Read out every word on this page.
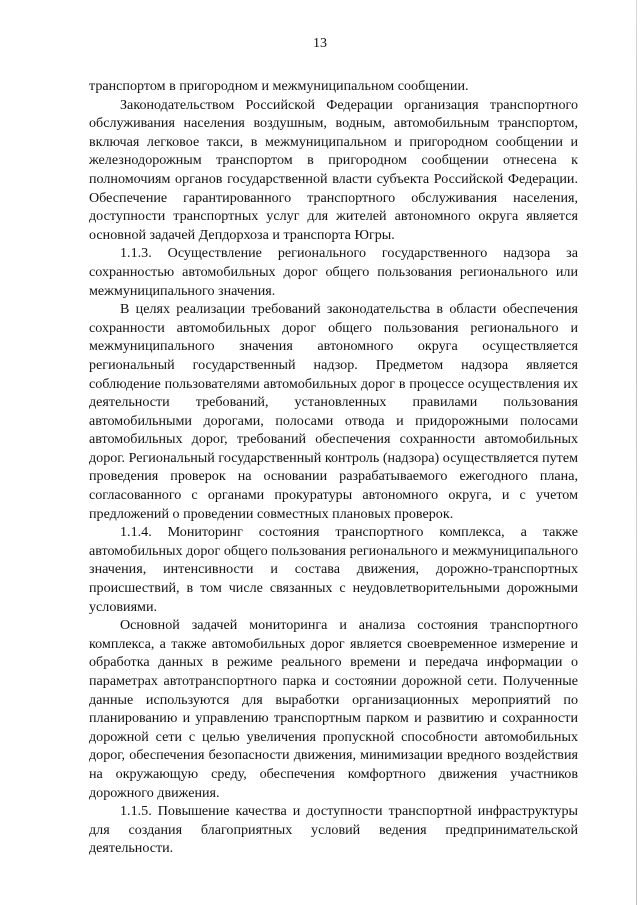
13

транспортом в пригородном и межмуниципальном сообщении.

Законодательством Российской Федерации организация транспортного обслуживания населения воздушным, водным, автомобильным транспортом, включая легковое такси, в межмуниципальном и пригородном сообщении и железнодорожным транспортом в пригородном сообщении отнесена к полномочиям органов государственной власти субъекта Российской Федерации. Обеспечение гарантированного транспортного обслуживания населения, доступности транспортных услуг для жителей автономного округа является основной задачей Депдорхоза и транспорта Югры.

1.1.3. Осуществление регионального государственного надзора за сохранностью автомобильных дорог общего пользования регионального или межмуниципального значения.

В целях реализации требований законодательства в области обеспечения сохранности автомобильных дорог общего пользования регионального и межмуниципального значения автономного округа осуществляется региональный государственный надзор. Предметом надзора является соблюдение пользователями автомобильных дорог в процессе осуществления их деятельности требований, установленных правилами пользования автомобильными дорогами, полосами отвода и придорожными полосами автомобильных дорог, требований обеспечения сохранности автомобильных дорог. Региональный государственный контроль (надзора) осуществляется путем проведения проверок на основании разрабатываемого ежегодного плана, согласованного с органами прокуратуры автономного округа, и с учетом предложений о проведении совместных плановых проверок.

1.1.4. Мониторинг состояния транспортного комплекса, а также автомобильных дорог общего пользования регионального и межмуниципального значения, интенсивности и состава движения, дорожно-транспортных происшествий, в том числе связанных с неудовлетворительными дорожными условиями.

Основной задачей мониторинга и анализа состояния транспортного комплекса, а также автомобильных дорог является своевременное измерение и обработка данных в режиме реального времени и передача информации о параметрах автотранспортного парка и состоянии дорожной сети. Полученные данные используются для выработки организационных мероприятий по планированию и управлению транспортным парком и развитию и сохранности дорожной сети с целью увеличения пропускной способности автомобильных дорог, обеспечения безопасности движения, минимизации вредного воздействия на окружающую среду, обеспечения комфортного движения участников дорожного движения.

1.1.5. Повышение качества и доступности транспортной инфраструктуры для создания благоприятных условий ведения предпринимательской деятельности.
